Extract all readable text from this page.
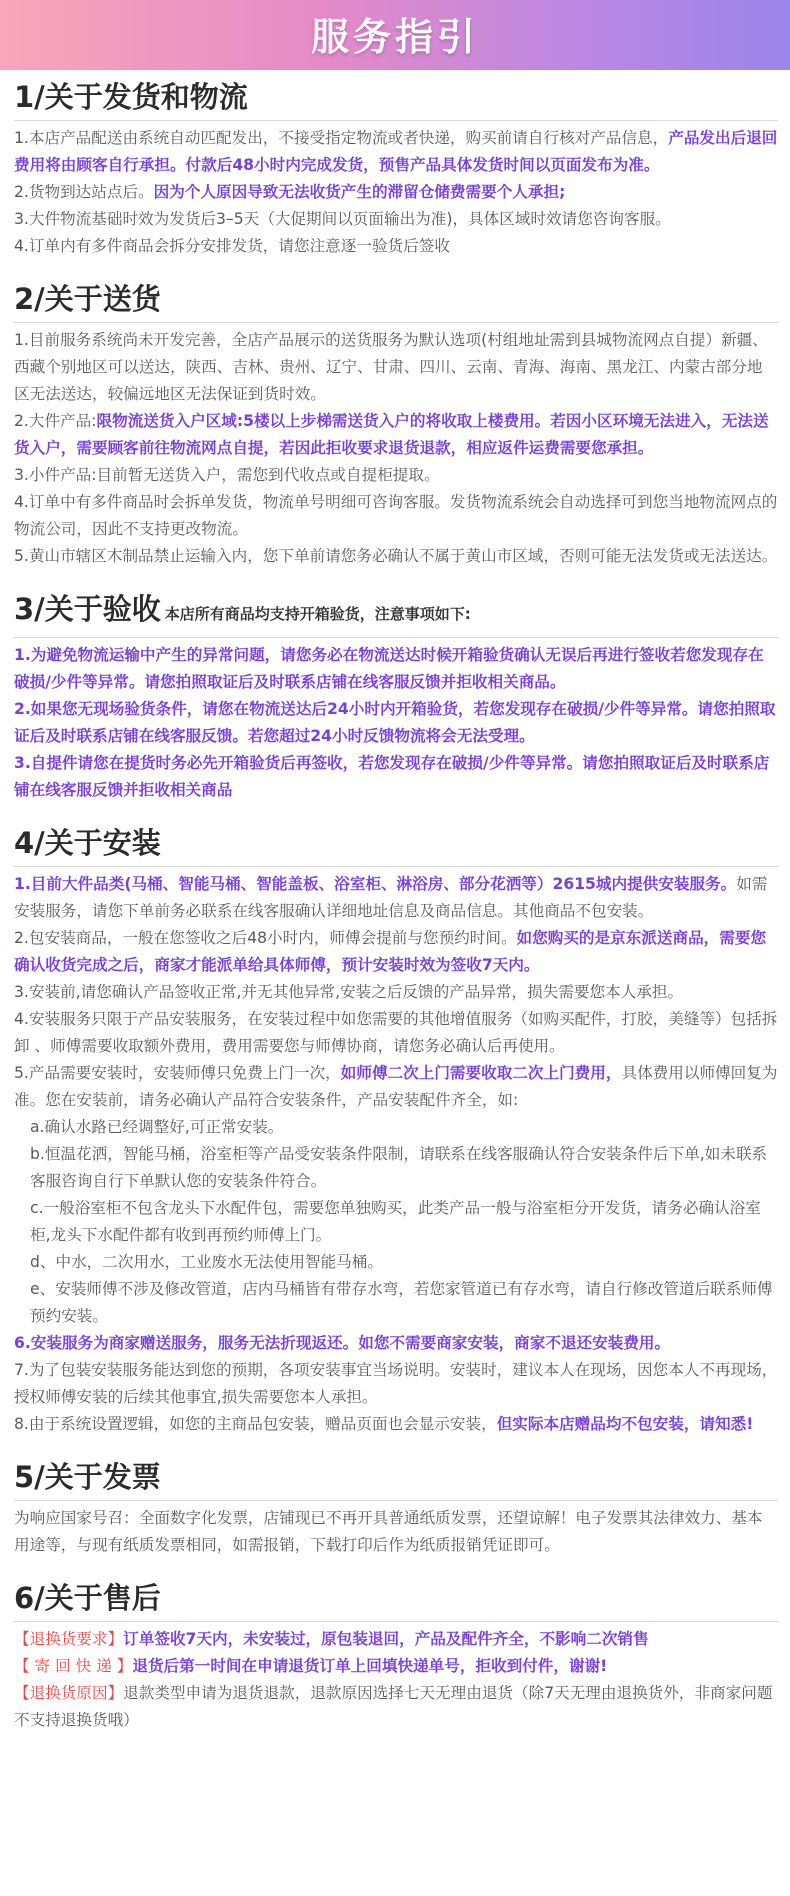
服务指引
1/关于发货和物流

1.本店产品配送由系统自动匹配发出，不接受指定物流或者快递，购买前请自行核对产品信息，产品发出后退回费用将由顾客自行承担。付款后48小时内完成发货，预售产品具体发货时间以页面发布为准。

2.货物到达站点后。因为个人原因导致无法收货产生的滞留仓储费需要个人承担;

3.大件物流基础时效为发货后3–5天（大促期间以页面输出为准)，具体区域时效请您咨询客服。

4.订单内有多件商品会拆分安排发货，请您注意逐一验货后签收

2/关于送货

1.目前服务系统尚未开发完善，全店产品展示的送货服务为默认选项(村组地址需到县城物流网点自提）新疆、西藏个别地区可以送达，陕西、吉林、贵州、辽宁、甘肃、四川、云南、青海、海南、黑龙江、内蒙古部分地区无法送达，较偏远地区无法保证到货时效。

2.大件产品:限物流送货入户区域:5楼以上步梯需送货入户的将收取上楼费用。若因小区环境无法进入，无法送货入户，需要顾客前往物流网点自提，若因此拒收要求退货退款，相应返件运费需要您承担。

3.小件产品:目前暂无送货入户，需您到代收点或自提柜提取。

4.订单中有多件商品时会拆单发货，物流单号明细可咨询客服。发货物流系统会自动选择可到您当地物流网点的物流公司，因此不支持更改物流。

5.黄山市辖区木制品禁止运输入内，您下单前请您务必确认不属于黄山市区域，否则可能无法发货或无法送达。

3/关于验收 本店所有商品均支持开箱验货，注意事项如下:

1.为避免物流运输中产生的异常问题，请您务必在物流送达时候开箱验货确认无误后再进行签收若您发现存在破损/少件等异常。请您拍照取证后及时联系店铺在线客服反馈并拒收相关商品。

2.如果您无现场验货条件，请您在物流送达后24小时内开箱验货，若您发现存在破损/少件等异常。请您拍照取证后及时联系店铺在线客服反馈。若您超过24小时反馈物流将会无法受理。

3.自提件请您在提货时务必先开箱验货后再签收，若您发现存在破损/少件等异常。请您拍照取证后及时联系店铺在线客服反馈并拒收相关商品

4/关于安装

1.目前大件品类(马桶、智能马桶、智能盖板、浴室柜、淋浴房、部分花洒等）2615城内提供安装服务。如需安装服务，请您下单前务必联系在线客服确认详细地址信息及商品信息。其他商品不包安装。

2.包安装商品，一般在您签收之后48小时内，师傅会提前与您预约时间。如您购买的是京东派送商品，需要您确认收货完成之后，商家才能派单给具体师傅，预计安装时效为签收7天内。

3.安装前,请您确认产品签收正常,并无其他异常,安装之后反馈的产品异常，损失需要您本人承担。

4.安装服务只限于产品安装服务，在安装过程中如您需要的其他增值服务（如购买配件，打胶，美缝等）包括拆卸 、师傅需要收取额外费用，费用需要您与师傅协商，请您务必确认后再使用。

5.产品需要安装时，安装师傅只免费上门一次，如师傅二次上门需要收取二次上门费用，具体费用以师傅回复为准。您在安装前，请务必确认产品符合安装条件，产品安装配件齐全，如:

a.确认水路已经调整好,可正常安装。

b.恒温花洒，智能马桶，浴室柜等产品受安装条件限制，请联系在线客服确认符合安装条件后下单,如未联系客服咨询自行下单默认您的安装条件符合。

c.一般浴室柜不包含龙头下水配件包，需要您单独购买，此类产品一般与浴室柜分开发货，请务必确认浴室柜,龙头下水配件都有收到再预约师傅上门。

d、中水，二次用水，工业废水无法使用智能马桶。

e、安装师傅不涉及修改管道，店内马桶皆有带存水弯，若您家管道已有存水弯，请自行修改管道后联系师傅预约安装。

6.安装服务为商家赠送服务，服务无法折现返还。如您不需要商家安装，商家不退还安装费用。

7.为了包装安装服务能达到您的预期，各项安装事宜当场说明。安装时，建议本人在现场，因您本人不再现场，授权师傅安装的后续其他事宜,损失需要您本人承担。

8.由于系统设置逻辑，如您的主商品包安装，赠品页面也会显示安装，但实际本店赠品均不包安装，请知悉!

5/关于发票

为响应国家号召：全面数字化发票，店铺现已不再开具普通纸质发票，还望谅解！电子发票其法律效力、基本用途等，与现有纸质发票相同，如需报销，下载打印后作为纸质报销凭证即可。

6/关于售后
【退换货要求】订单签收7天内，未安装过，原包装退回，产品及配件齐全，不影响二次销售
【 寄 回 快 递 】退货后第一时间在申请退货订单上回填快递单号，拒收到付件，谢谢!
【退换货原因】退款类型申请为退货退款，退款原因选择七天无理由退货（除7天无理由退换货外，非商家问题不支持退换货哦）
